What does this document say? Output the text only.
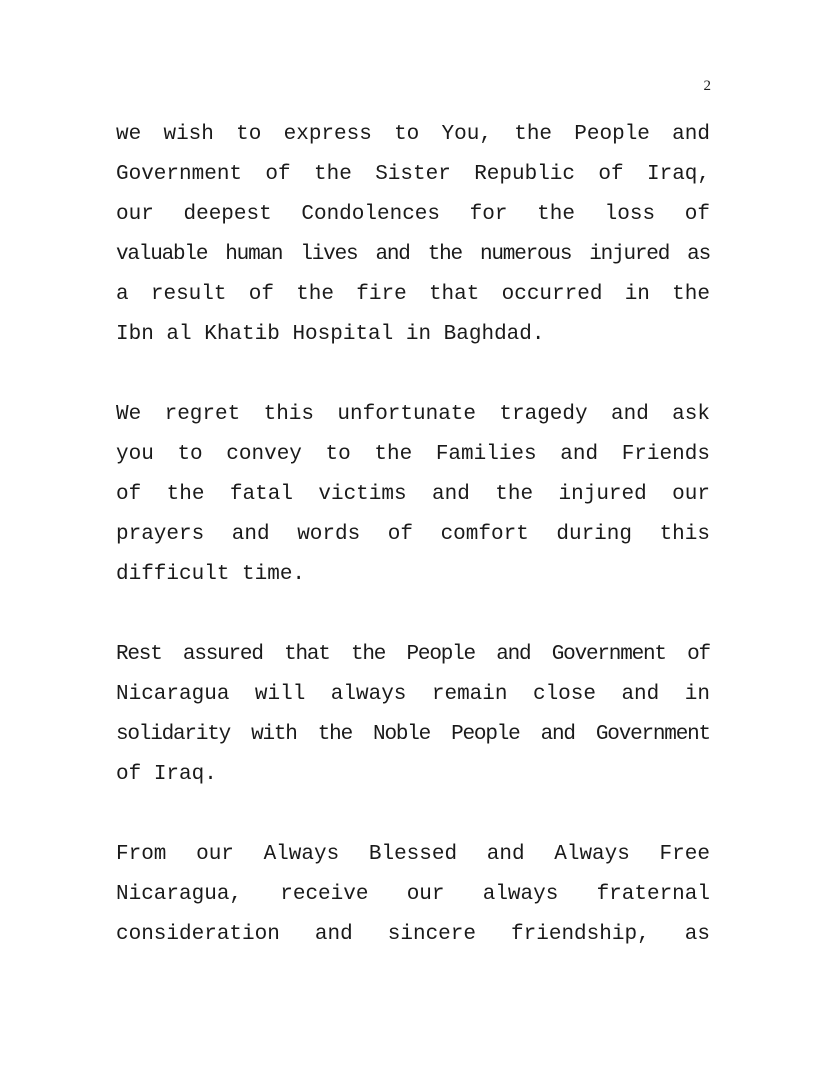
2
we wish to express to You, the People and
Government of the Sister Republic of Iraq,
our deepest Condolences for the loss of
valuable human lives and the numerous injured as
a result of the fire that occurred in the
Ibn al Khatib Hospital in Baghdad.
We regret this unfortunate tragedy and ask
you to convey to the Families and Friends
of the fatal victims and the injured our
prayers and words of comfort during this
difficult time.
Rest assured that the People and Government of
Nicaragua will always remain close and in
solidarity with the Noble People and Government
of Iraq.
From our Always Blessed and Always Free
Nicaragua, receive our always fraternal
consideration and sincere friendship, as
